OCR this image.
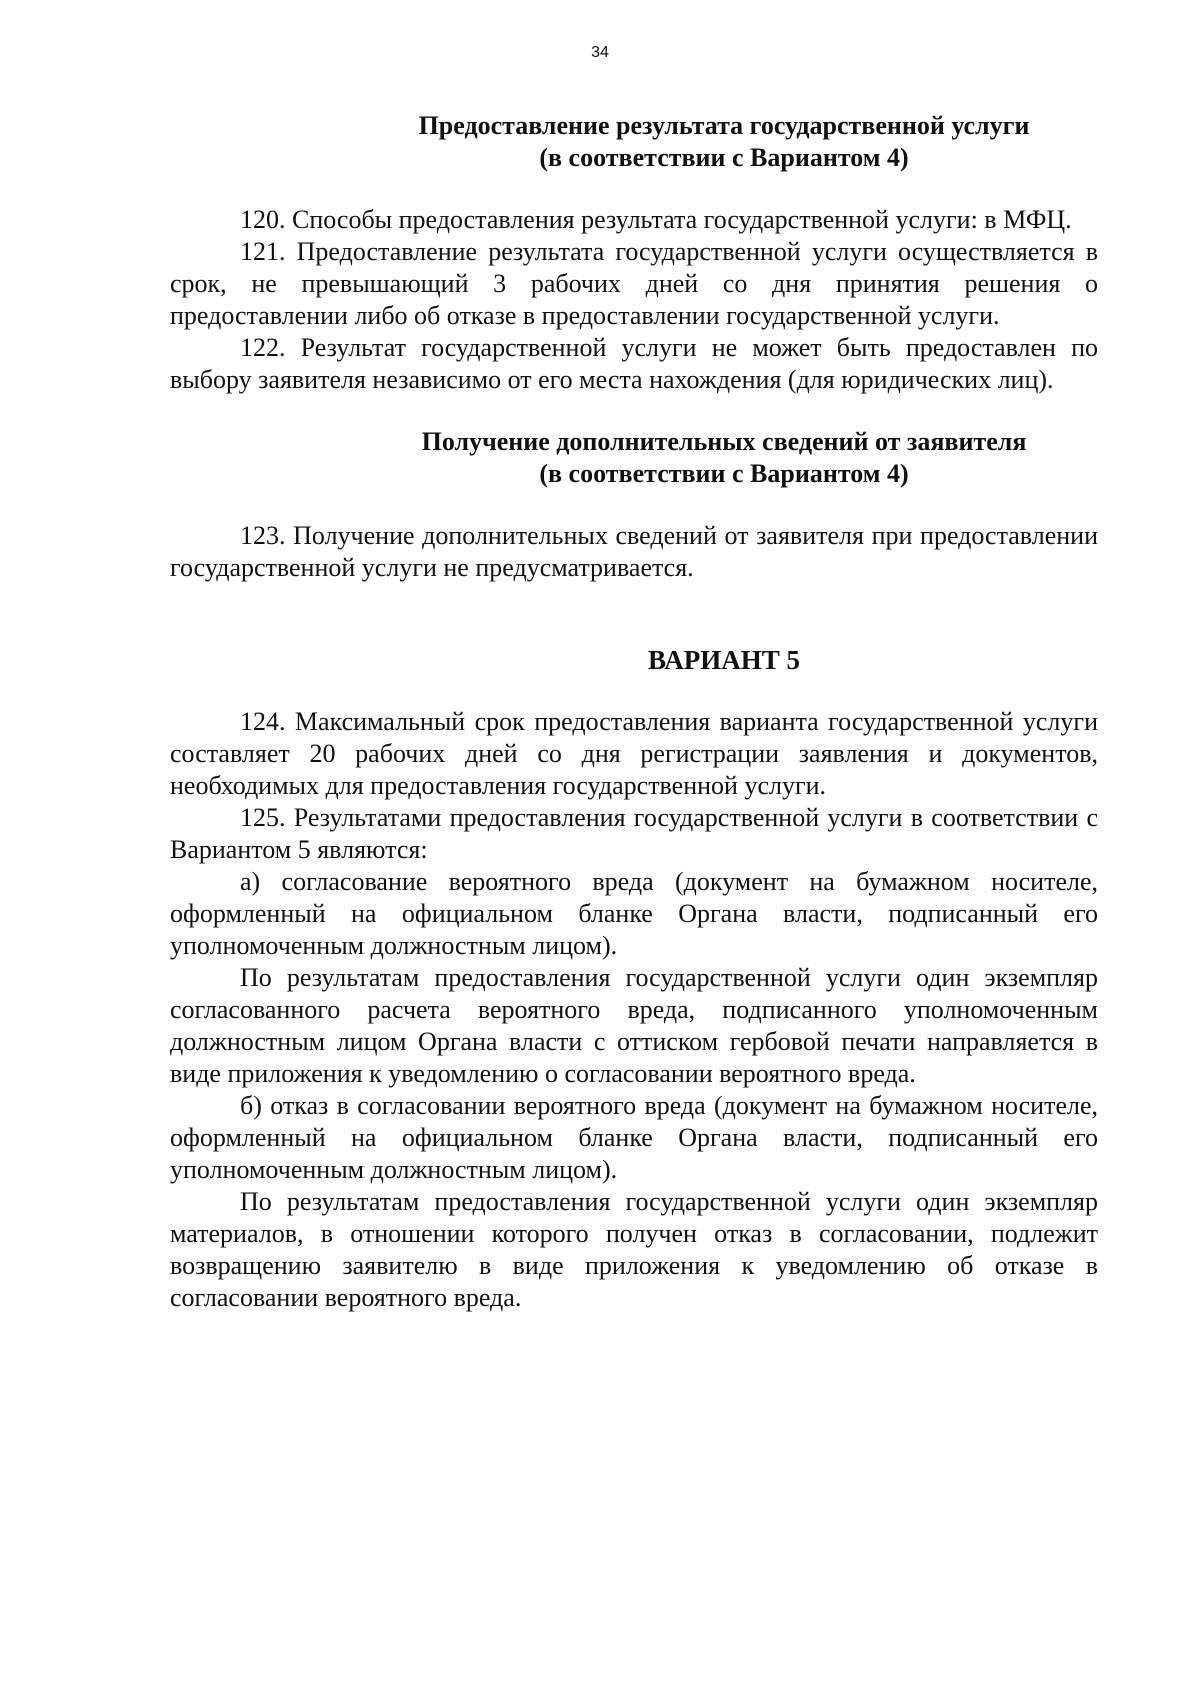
34
Предоставление результата государственной услуги
(в соответствии с Вариантом 4)

120. Способы предоставления результата государственной услуги: в МФЦ.

121. Предоставление результата государственной услуги осуществляется в срок, не превышающий 3 рабочих дней со дня принятия решения о предоставлении либо об отказе в предоставлении государственной услуги.

122. Результат государственной услуги не может быть предоставлен по выбору заявителя независимо от его места нахождения (для юридических лиц).

Получение дополнительных сведений от заявителя
(в соответствии с Вариантом 4)

123. Получение дополнительных сведений от заявителя при предоставлении государственной услуги не предусматривается.

ВАРИАНТ 5

124. Максимальный срок предоставления варианта государственной услуги составляет 20 рабочих дней со дня регистрации заявления и документов, необходимых для предоставления государственной услуги.

125. Результатами предоставления государственной услуги в соответствии с Вариантом 5 являются:

а) согласование вероятного вреда (документ на бумажном носителе, оформленный на официальном бланке Органа власти, подписанный его уполномоченным должностным лицом).

По результатам предоставления государственной услуги один экземпляр согласованного расчета вероятного вреда, подписанного уполномоченным должностным лицом Органа власти с оттиском гербовой печати направляется в виде приложения к уведомлению о согласовании вероятного вреда.

б) отказ в согласовании вероятного вреда (документ на бумажном носителе, оформленный на официальном бланке Органа власти, подписанный его уполномоченным должностным лицом).

По результатам предоставления государственной услуги один экземпляр материалов, в отношении которого получен отказ в согласовании, подлежит возвращению заявителю в виде приложения к уведомлению об отказе в согласовании вероятного вреда.
